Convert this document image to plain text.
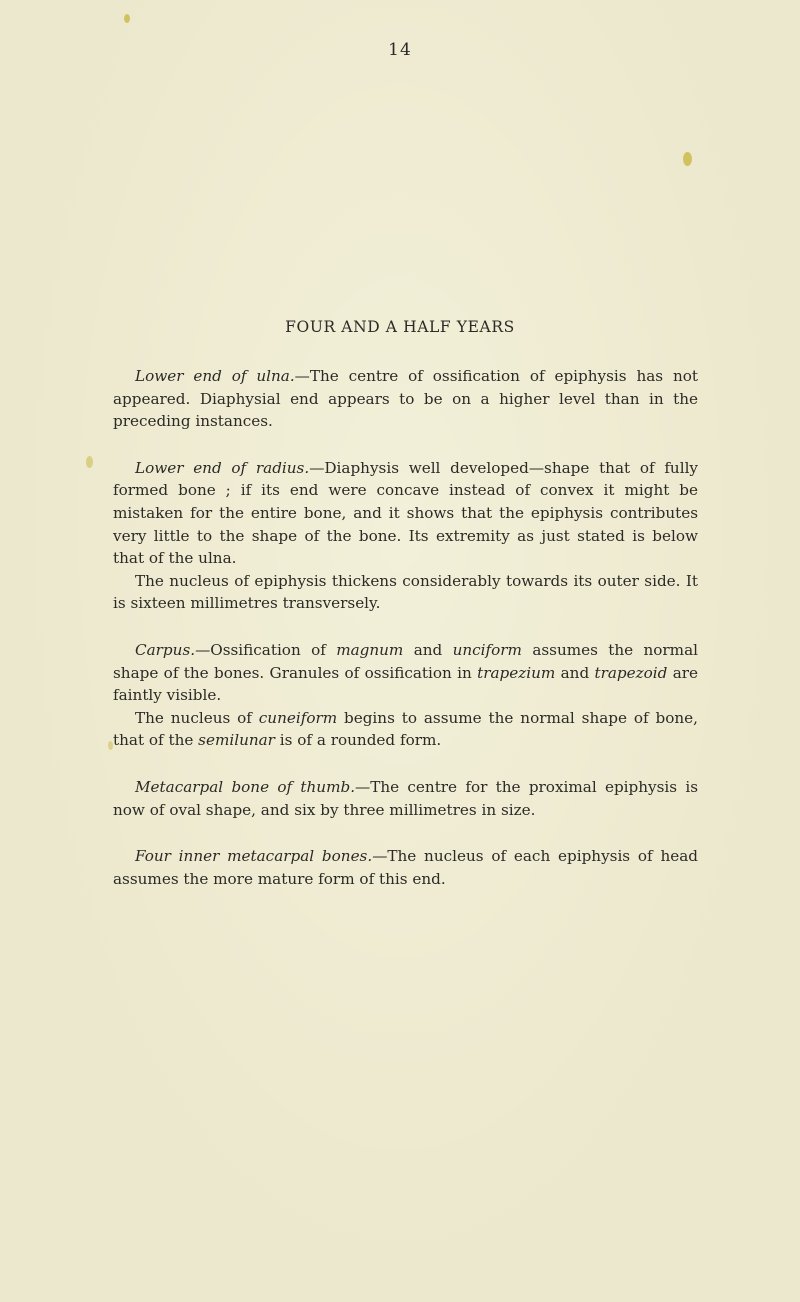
14
FOUR AND A HALF YEARS

Lower end of ulna.—The centre of ossification of epiphysis has not appeared. Diaphysial end appears to be on a higher level than in the preceding instances.

Lower end of radius.—Diaphysis well developed—shape that of fully formed bone ; if its end were concave instead of convex it might be mistaken for the entire bone, and it shows that the epiphysis contributes very little to the shape of the bone. Its extremity as just stated is below that of the ulna.

The nucleus of epiphysis thickens considerably towards its outer side. It is sixteen millimetres transversely.

Carpus.—Ossification of magnum and unciform assumes the normal shape of the bones. Granules of ossification in trapezium and trapezoid are faintly visible.

The nucleus of cuneiform begins to assume the normal shape of bone, that of the semilunar is of a rounded form.

Metacarpal bone of thumb.—The centre for the proximal epiphysis is now of oval shape, and six by three millimetres in size.

Four inner metacarpal bones.—The nucleus of each epiphysis of head assumes the more mature form of this end.
